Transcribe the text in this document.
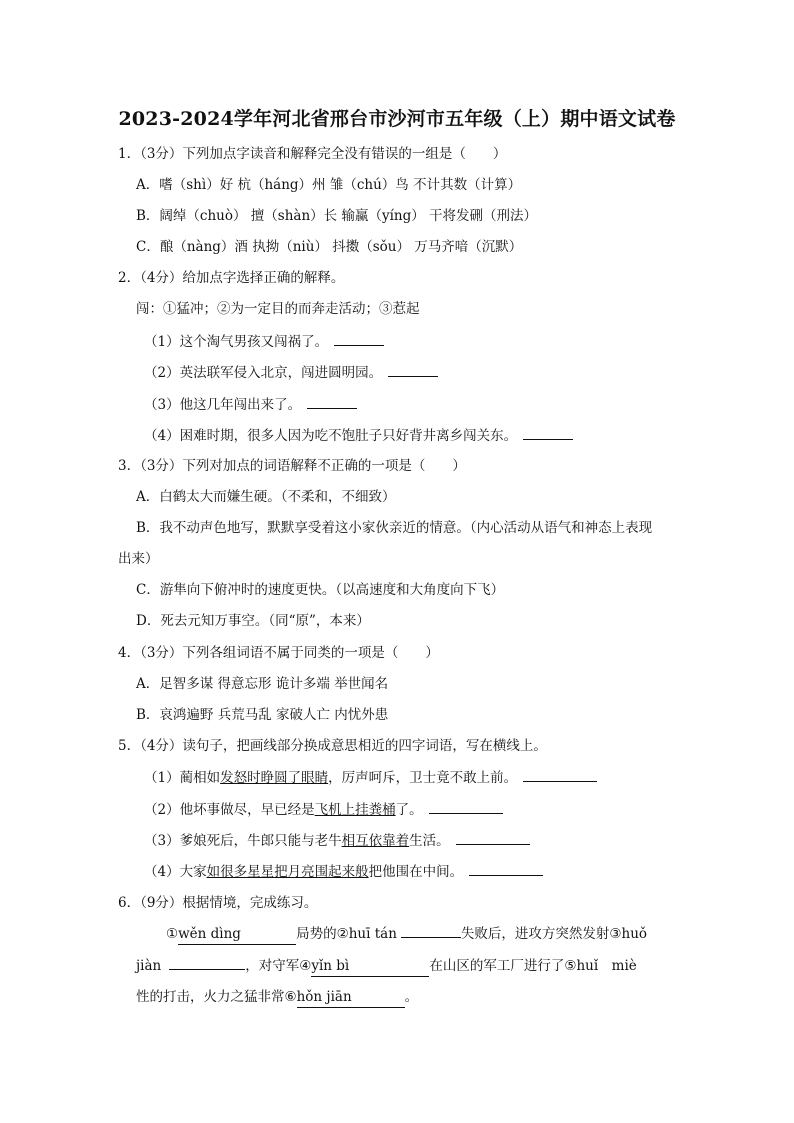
2023-2024学年河北省邢台市沙河市五年级（上）期中语文试卷
1．（3分）下列加点字读音和解释完全没有错误的一组是（　　）
A．嗜（shì）好 杭（háng）州 雏（chú）鸟 不计其数（计算）
B．阔绰（chuò） 擅（shàn）长 输赢（yíng） 干将发硎（刑法）
C．酿（nàng）酒 执拗（niù） 抖擞（sǒu） 万马齐喑（沉默）
2．（4分）给加点字选择正确的解释。
闯：①猛冲；②为一定目的而奔走活动；③惹起
（1）这个淘气男孩又闯祸了。
（2）英法联军侵入北京，闯进圆明园。
（3）他这几年闯出来了。
（4）困难时期，很多人因为吃不饱肚子只好背井离乡闯关东。
3．（3分）下列对加点的词语解释不正确的一项是（　　）
A．白鹤太大而嫌生硬。（不柔和，不细致）
B．我不动声色地写，默默享受着这小家伙亲近的情意。（内心活动从语气和神态上表现
出来）
C．游隼向下俯冲时的速度更快。（以高速度和大角度向下飞）
D．死去元知万事空。（同“原”，本来）
4．（3分）下列各组词语不属于同类的一项是（　　）
A．足智多谋 得意忘形 诡计多端 举世闻名
B．哀鸿遍野 兵荒马乱 家破人亡 内忧外患
5．（4分）读句子，把画线部分换成意思相近的四字词语，写在横线上。
（1）蔺相如发怒时睁圆了眼睛，厉声呵斥，卫士竟不敢上前。
（2）他坏事做尽，早已经是飞机上挂粪桶了。
（3）爹娘死后，牛郎只能与老牛相互依靠着生活。
（4）大家如很多星星把月亮围起来般把他围在中间。
6．（9分）根据情境，完成练习。
①wěn dìng	局势的②huī tán	失败后，进攻方突然发射③huǒ
jiàn	，对守军④yǐn bì	在山区的军工厂进行了⑤huǐ　miè
性的打击，火力之猛非常⑥hǒn jiān	。
